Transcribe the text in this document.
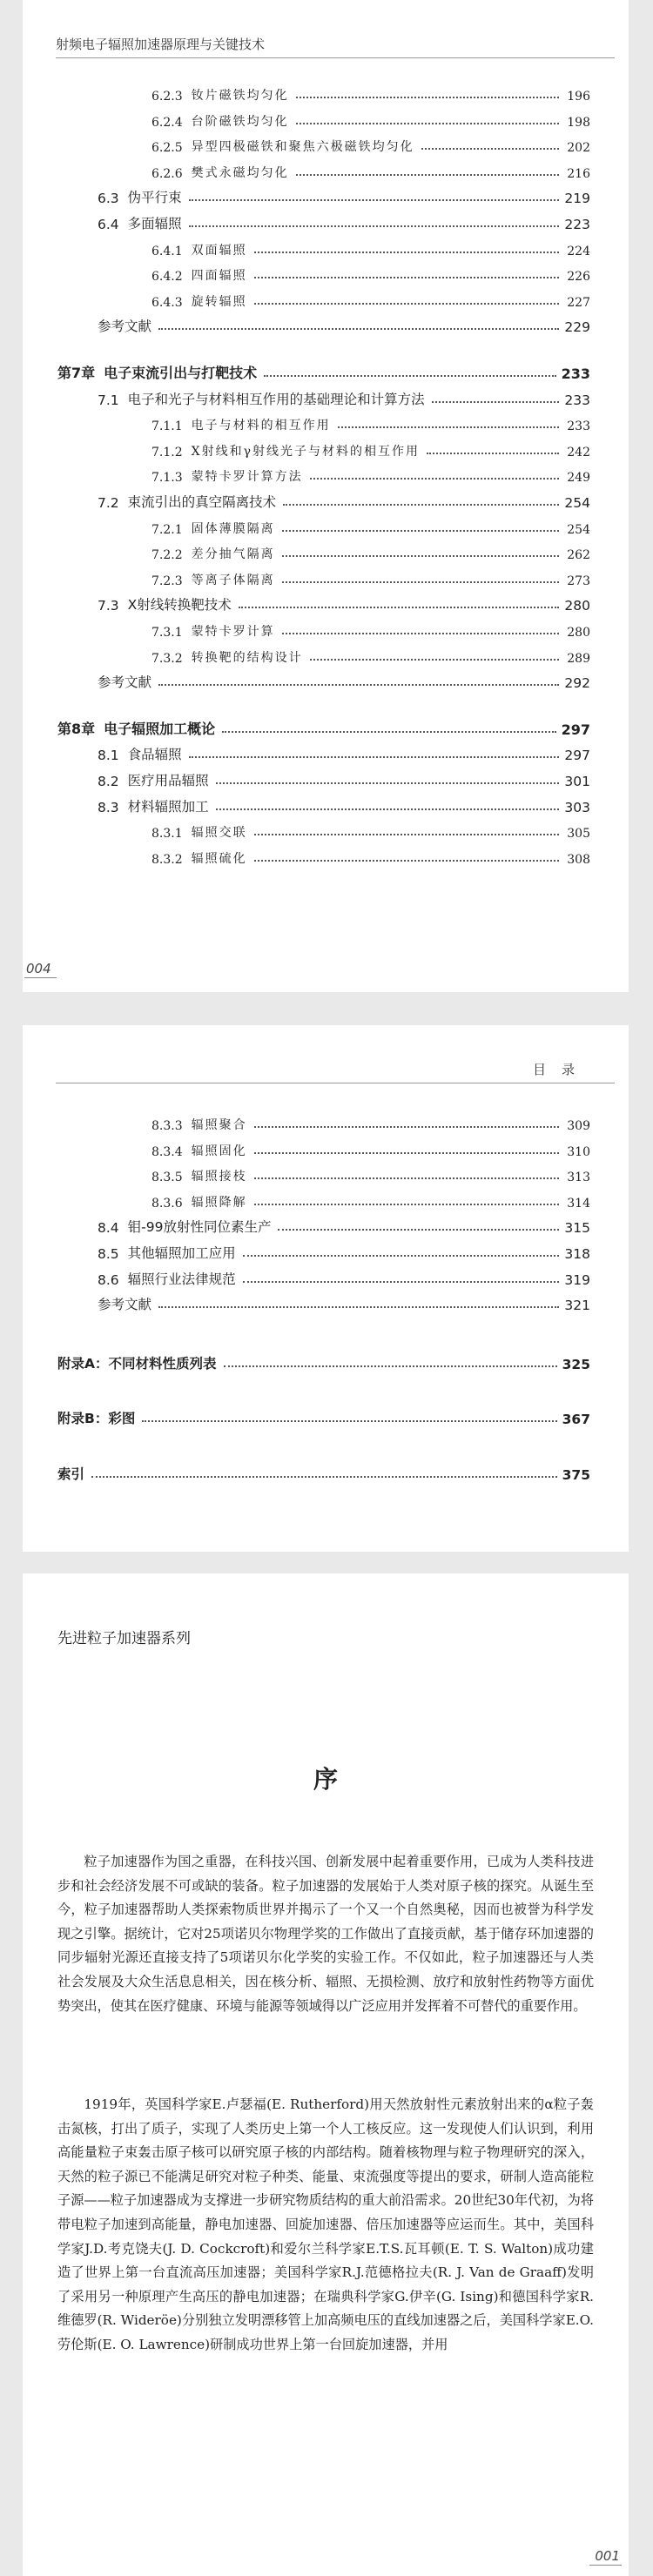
射频电子辐照加速器原理与关键技术
6.2.3 钕片磁铁均匀化	196
6.2.4 台阶磁铁均匀化	198
6.2.5 异型四极磁铁和聚焦六极磁铁均匀化	202
6.2.6 樊式永磁均匀化	216
6.3 伪平行束	219
6.4 多面辐照	223
6.4.1 双面辐照	224
6.4.2 四面辐照	226
6.4.3 旋转辐照	227
参考文献	229
第7章 电子束流引出与打靶技术	233
7.1 电子和光子与材料相互作用的基础理论和计算方法	233
7.1.1 电子与材料的相互作用	233
7.1.2 X射线和γ射线光子与材料的相互作用	242
7.1.3 蒙特卡罗计算方法	249
7.2 束流引出的真空隔离技术	254
7.2.1 固体薄膜隔离	254
7.2.2 差分抽气隔离	262
7.2.3 等离子体隔离	273
7.3 X射线转换靶技术	280
7.3.1 蒙特卡罗计算	280
7.3.2 转换靶的结构设计	289
参考文献	292
第8章 电子辐照加工概论	297
8.1 食品辐照	297
8.2 医疗用品辐照	301
8.3 材料辐照加工	303
8.3.1 辐照交联	305
8.3.2 辐照硫化	308
004
目录
8.3.3 辐照聚合	309
8.3.4 辐照固化	310
8.3.5 辐照接枝	313
8.3.6 辐照降解	314
8.4 钼-99放射性同位素生产	315
8.5 其他辐照加工应用	318
8.6 辐照行业法律规范	319
参考文献	321
附录A：不同材料性质列表	325
附录B：彩图	367
索引	375
先进粒子加速器系列
序

粒子加速器作为国之重器，在科技兴国、创新发展中起着重要作用，已成为人类科技进步和社会经济发展不可或缺的装备。粒子加速器的发展始于人类对原子核的探究。从诞生至今，粒子加速器帮助人类探索物质世界并揭示了一个又一个自然奥秘，因而也被誉为科学发现之引擎。据统计，它对25项诺贝尔物理学奖的工作做出了直接贡献，基于储存环加速器的同步辐射光源还直接支持了5项诺贝尔化学奖的实验工作。不仅如此，粒子加速器还与人类社会发展及大众生活息息相关，因在核分析、辐照、无损检测、放疗和放射性药物等方面优势突出，使其在医疗健康、环境与能源等领域得以广泛应用并发挥着不可替代的重要作用。

1919年，英国科学家E.卢瑟福(E. Rutherford)用天然放射性元素放射出来的α粒子轰击氮核，打出了质子，实现了人类历史上第一个人工核反应。这一发现使人们认识到，利用高能量粒子束轰击原子核可以研究原子核的内部结构。随着核物理与粒子物理研究的深入，天然的粒子源已不能满足研究对粒子种类、能量、束流强度等提出的要求，研制人造高能粒子源——粒子加速器成为支撑进一步研究物质结构的重大前沿需求。20世纪30年代初，为将带电粒子加速到高能量，静电加速器、回旋加速器、倍压加速器等应运而生。其中，美国科学家J.D.考克饶夫(J. D. Cockcroft)和爱尔兰科学家E.T.S.瓦耳顿(E. T. S. Walton)成功建造了世界上第一台直流高压加速器；美国科学家R.J.范德格拉夫(R. J. Van de Graaff)发明了采用另一种原理产生高压的静电加速器；在瑞典科学家G.伊辛(G. Ising)和德国科学家R.维德罗(R. Wideröe)分别独立发明漂移管上加高频电压的直线加速器之后，美国科学家E.O.劳伦斯(E. O. Lawrence)研制成功世界上第一台回旋加速器，并用

001
